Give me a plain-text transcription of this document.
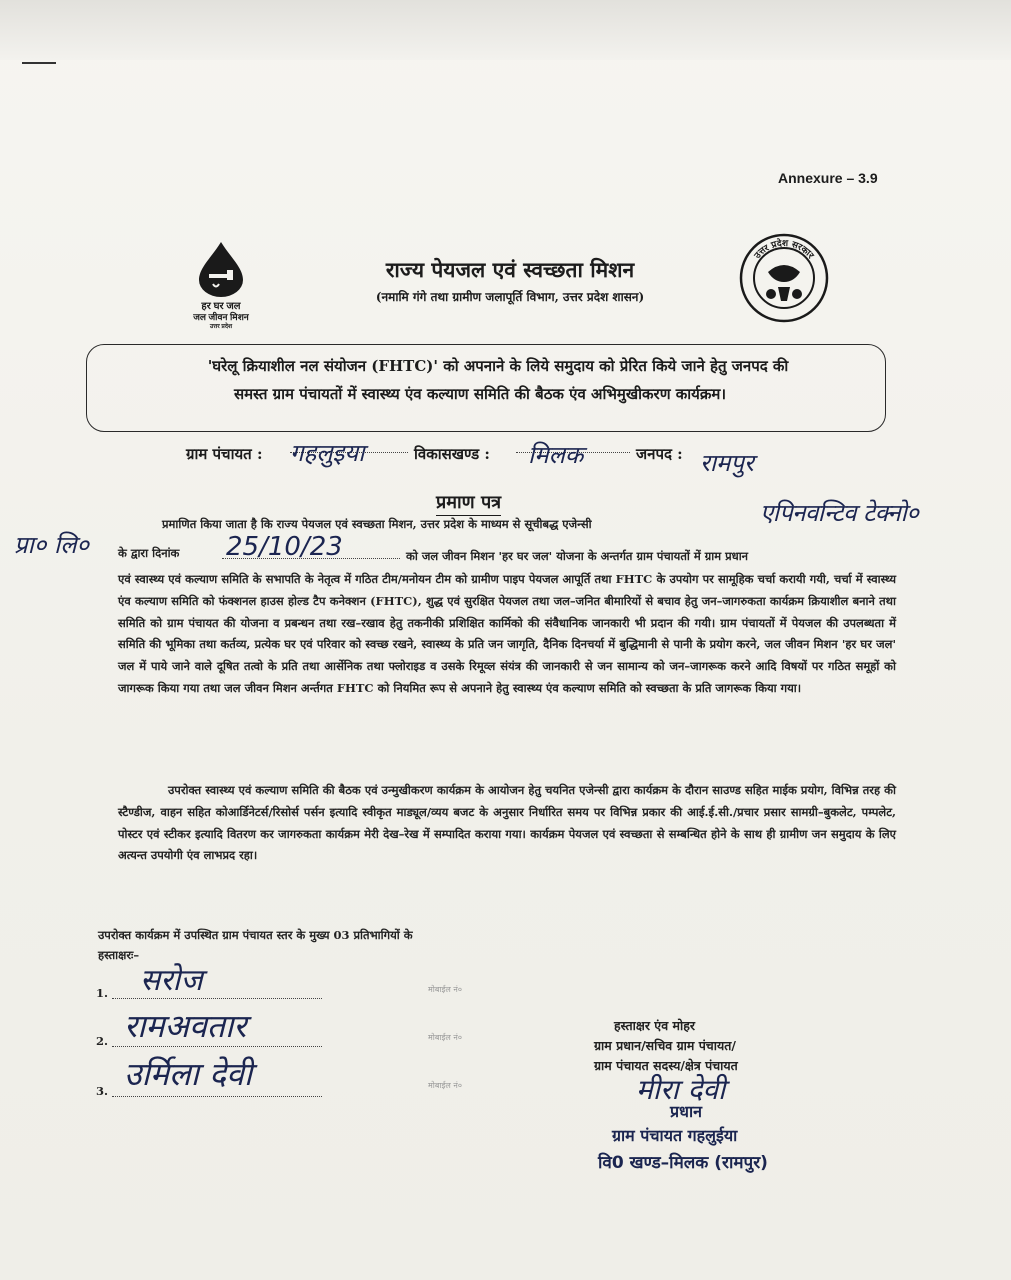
Annexure – 3.9
हर घर जल
जल जीवन मिशन
उत्तर प्रदेश
राज्य पेयजल एवं स्वच्छता मिशन
(नमामि गंगे तथा ग्रामीण जलापूर्ति विभाग, उत्तर प्रदेश शासन)
उत्तर प्रदेश सरकार
'घरेलू क्रियाशील नल संयोजन (FHTC)' को अपनाने के लिये समुदाय को प्रेरित किये जाने हेतु जनपद की
समस्त ग्राम पंचायतों में स्वास्थ्य एंव कल्याण समिति की बैठक एंव अभिमुखीकरण कार्यक्रम।
ग्राम पंचायत : गहलुइया	विकासखण्ड : मिलक	जनपद : रामपुर
प्रमाण पत्र	एपिनवन्टिव टेक्नो०
प्रा० लि०
प्रमाणित किया जाता है कि राज्य पेयजल एवं स्वच्छता मिशन, उत्तर प्रदेश के माध्यम से सूचीबद्ध एजेन्सी
के द्वारा दिनांक 25/10/23	को जल जीवन मिशन 'हर घर जल' योजना के अन्तर्गत ग्राम पंचायतों में ग्राम प्रधान
एवं स्वास्थ्य एवं कल्याण समिति के सभापति के नेतृत्व में गठित टीम/मनोयन टीम को ग्रामीण पाइप पेयजल आपूर्ति तथा FHTC के उपयोग पर सामूहिक चर्चा करायी गयी, चर्चा में स्वास्थ्य एंव कल्याण समिति को फंक्शनल हाउस होल्ड टैप कनेक्शन (FHTC), शुद्ध एवं सुरक्षित पेयजल तथा जल–जनित बीमारियों से बचाव हेतु जन–जागरुकता कार्यक्रम क्रियाशील बनाने तथा समिति को ग्राम पंचायत की योजना व प्रबन्धन तथा रख–रखाव हेतु तकनीकी प्रशिक्षित कार्मिको की संवैधानिक जानकारी भी प्रदान की गयी। ग्राम पंचायतों में पेयजल की उपलब्धता में समिति की भूमिका तथा कर्तव्य, प्रत्येक घर एवं परिवार को स्वच्छ रखने, स्वास्थ्य के प्रति जन जागृति, दैनिक दिनचर्या में बुद्धिमानी से पानी के प्रयोग करने, जल जीवन मिशन 'हर घर जल' जल में पाये जाने वाले दूषित तत्वो के प्रति तथा आर्सेनिक तथा फ्लोराइड व उसके रिमूव्ल संयंत्र की जानकारी से जन सामान्य को जन–जागरूक करने आदि विषयों पर गठित समूहों को जागरूक किया गया तथा जल जीवन मिशन अर्न्तगत FHTC को नियमित रूप से अपनाने हेतु स्वास्थ्य एंव कल्याण समिति को स्वच्छता के प्रति जागरूक किया गया।
उपरोक्त स्वास्थ्य एवं कल्याण समिति की बैठक एवं उन्मुखीकरण कार्यक्रम के आयोजन हेतु चयनित एजेन्सी द्वारा कार्यक्रम के दौरान साउण्ड सहित माईक प्रयोग, विभिन्न तरह की स्टैण्डीज, वाहन सहित कोआर्डिनेटर्स/रिसोर्स पर्सन इत्यादि स्वीकृत माड्यूल/व्यय बजट के अनुसार निर्धारित समय पर विभिन्न प्रकार की आई.ई.सी./प्रचार प्रसार सामग्री–बुकलेट, पम्पलेट, पोस्टर एवं स्टीकर इत्यादि वितरण कर जागरुकता कार्यक्रम मेरी देख–रेख में सम्पादित कराया गया। कार्यक्रम पेयजल एवं स्वच्छता से सम्बन्धित होने के साथ ही ग्रामीण जन समुदाय के लिए अत्यन्त उपयोगी एंव लाभप्रद रहा।
उपरोक्त कार्यक्रम में उपस्थित ग्राम पंचायत स्तर के मुख्य 03 प्रतिभागियों के
हस्ताक्षरः–
1. सरोज	मोबाईल नं०
2. रामअवतार	मोबाईल नं०
3. उर्मिला देवी	मोबाईल नं०
हस्ताक्षर एंव मोहर
ग्राम प्रधान/सचिव ग्राम पंचायत/
ग्राम पंचायत सदस्य/क्षेत्र पंचायत
मीरा देवी
प्रधान
ग्राम पंचायत गहलुईया
वि0 खण्ड–मिलक (रामपुर)
